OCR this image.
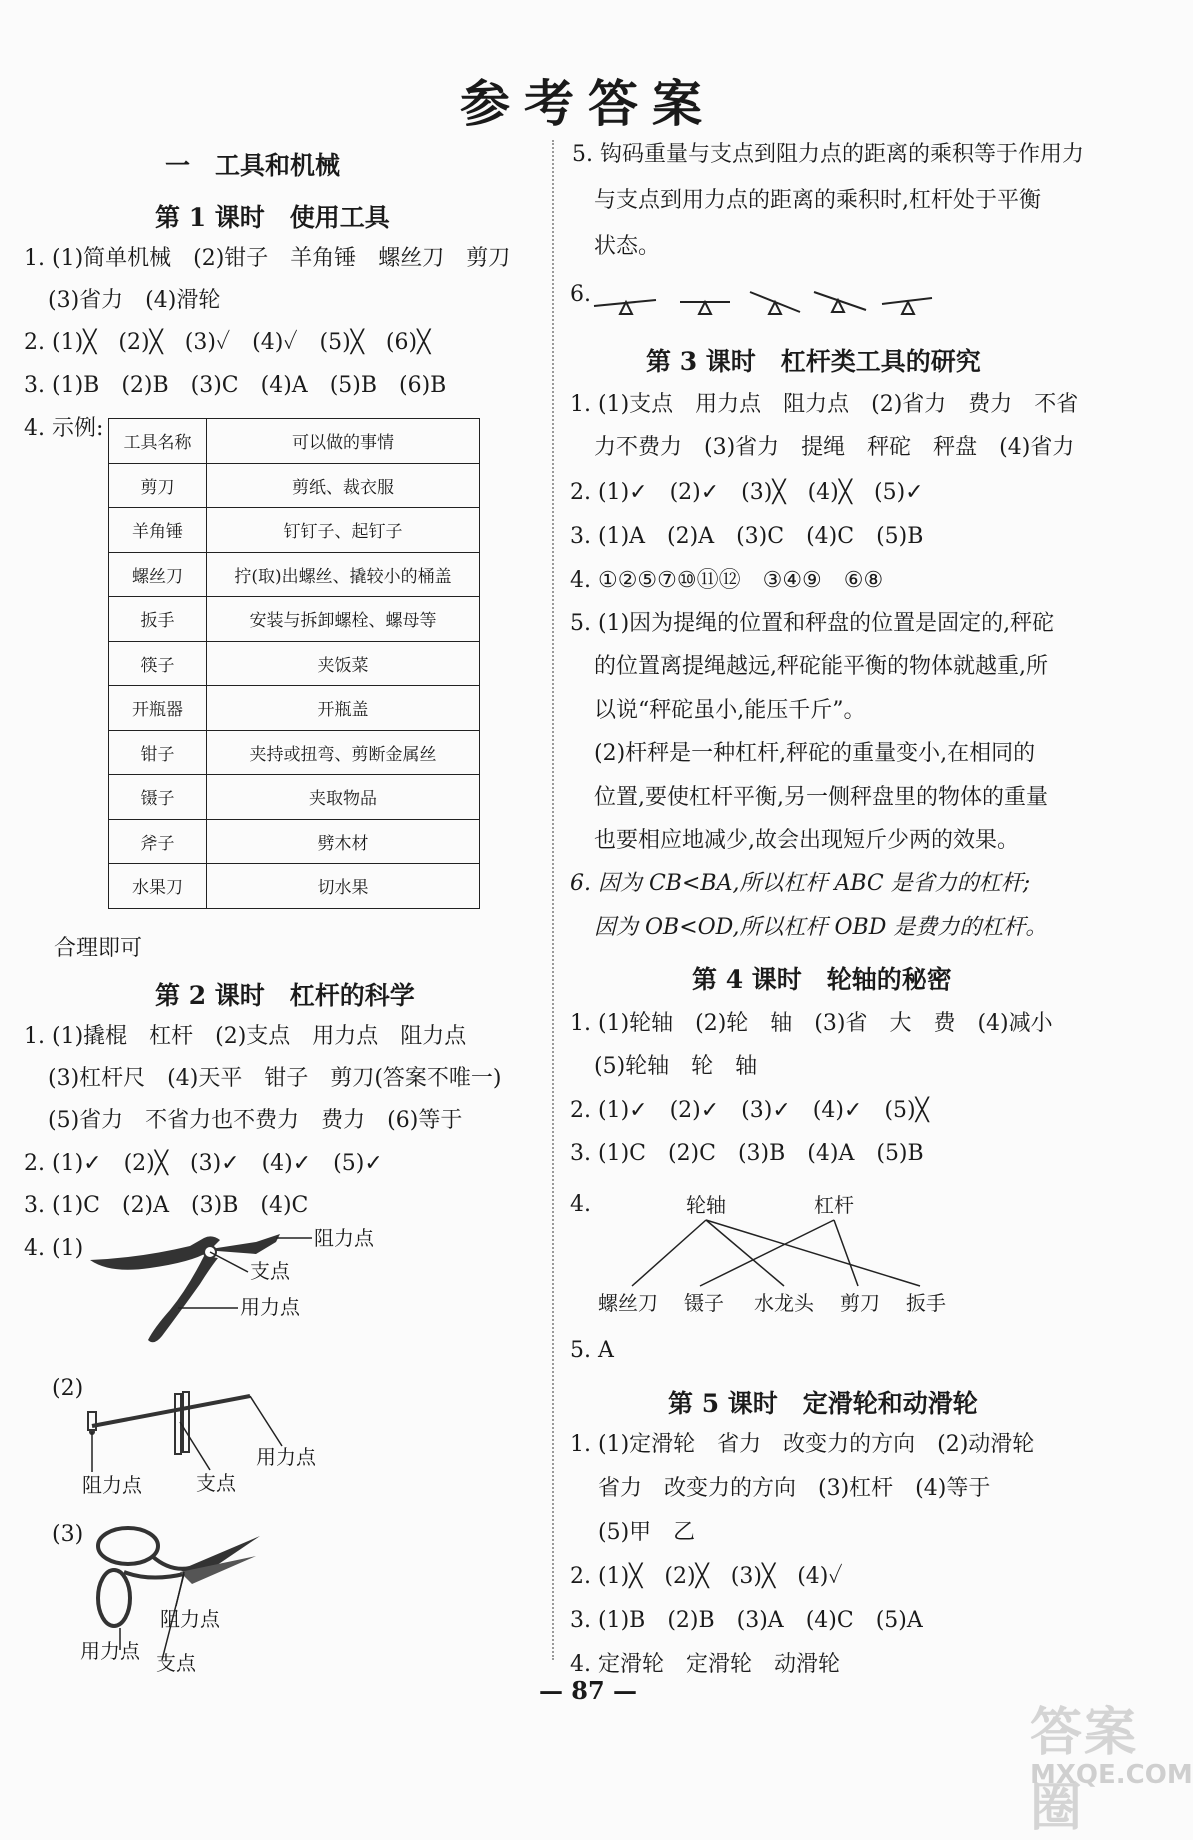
参考答案
一　工具和机械
第 1 课时　使用工具
1. (1)简单机械　(2)钳子　羊角锤　螺丝刀　剪刀
(3)省力　(4)滑轮
2. (1)╳　(2)╳　(3)✓　(4)✓　(5)╳　(6)╳
3. (1)B　(2)B　(3)C　(4)A　(5)B　(6)B
4. 示例:
工具名称	可以做的事情
剪刀	剪纸、裁衣服
羊角锤	钉钉子、起钉子
螺丝刀	拧(取)出螺丝、撬较小的桶盖
扳手	安装与拆卸螺栓、螺母等
筷子	夹饭菜
开瓶器	开瓶盖
钳子	夹持或扭弯、剪断金属丝
镊子	夹取物品
斧子	劈木材
水果刀	切水果
合理即可
第 2 课时　杠杆的科学
1. (1)撬棍　杠杆　(2)支点　用力点　阻力点
(3)杠杆尺　(4)天平　钳子　剪刀(答案不唯一)
(5)省力　不省力也不费力　费力　(6)等于
2. (1)✓　(2)╳　(3)✓　(4)✓　(5)✓
3. (1)C　(2)A　(3)B　(4)C
4. (1)	阻力点
支点
用力点
(2)
用力点
阻力点	支点
(3)
阻力点
用力点 支点
5. 钩码重量与支点到阻力点的距离的乘积等于作用力
与支点到用力点的距离的乘积时,杠杆处于平衡
状态。
6.
第 3 课时　杠杆类工具的研究
1. (1)支点　用力点　阻力点　(2)省力　费力　不省
力不费力　(3)省力　提绳　秤砣　秤盘　(4)省力
2. (1)✓　(2)✓　(3)╳　(4)╳　(5)✓
3. (1)A　(2)A　(3)C　(4)C　(5)B
4. ①②⑤⑦⑩⑪⑫　③④⑨　⑥⑧
5. (1)因为提绳的位置和秤盘的位置是固定的,秤砣
的位置离提绳越远,秤砣能平衡的物体就越重,所
以说“秤砣虽小,能压千斤”。
(2)杆秤是一种杠杆,秤砣的重量变小,在相同的
位置,要使杠杆平衡,另一侧秤盘里的物体的重量
也要相应地减少,故会出现短斤少两的效果。
6. 因为 CB<BA,所以杠杆 ABC 是省力的杠杆;
因为 OB<OD,所以杠杆 OBD 是费力的杠杆。
第 4 课时　轮轴的秘密
1. (1)轮轴　(2)轮　轴　(3)省　大　费　(4)减小
(5)轮轴　轮　轴
2. (1)✓　(2)✓　(3)✓　(4)✓　(5)╳
3. (1)C　(2)C　(3)B　(4)A　(5)B
4.	轮轴	杠杆
螺丝刀 镊子 水龙头 剪刀 扳手
5. A
第 5 课时　定滑轮和动滑轮
1. (1)定滑轮　省力　改变力的方向　(2)动滑轮
省力　改变力的方向　(3)杠杆　(4)等于
(5)甲　乙
2. (1)╳　(2)╳　(3)╳　(4)✓
3. (1)B　(2)B　(3)A　(4)C　(5)A
4. 定滑轮　定滑轮　动滑轮
— 87 —
答案圈
MXQE.COM
